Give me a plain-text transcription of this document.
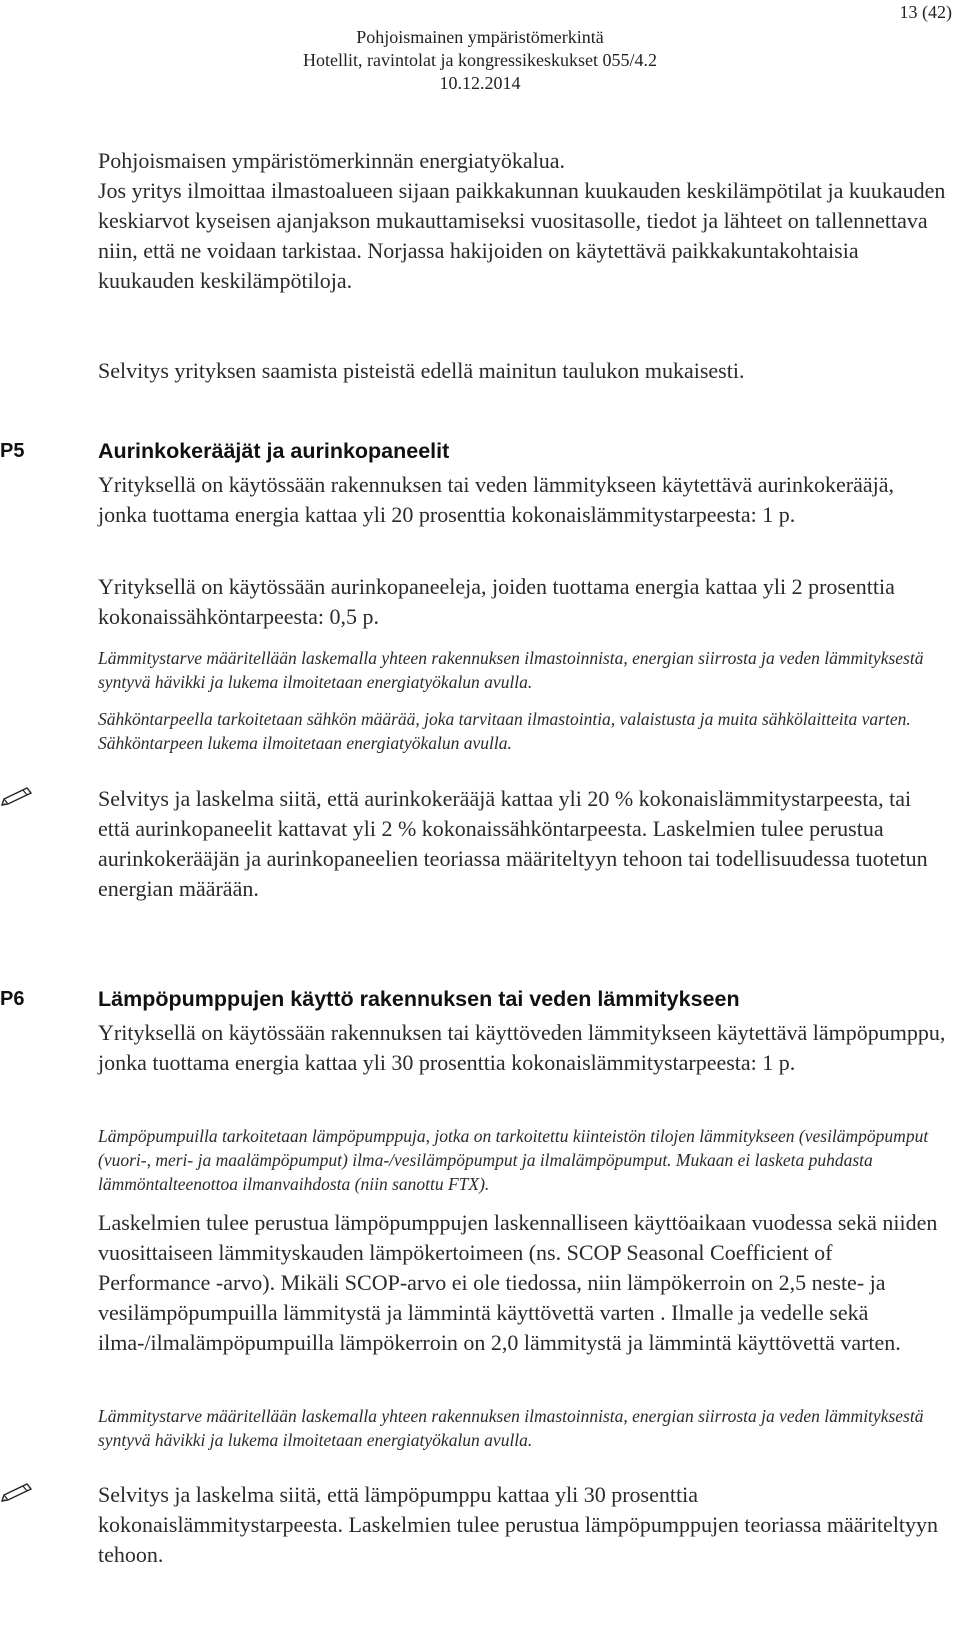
13 (42)
Pohjoismainen ympäristömerkintä
Hotellit, ravintolat ja kongressikeskukset 055/4.2
10.12.2014

Pohjoismaisen ympäristömerkinnän energiatyökalua.

Jos yritys ilmoittaa ilmastoalueen sijaan paikkakunnan kuukauden keskilämpötilat ja kuukauden keskiarvot kyseisen ajanjakson mukauttamiseksi vuositasolle, tiedot ja lähteet on tallennettava niin, että ne voidaan tarkistaa. Norjassa hakijoiden on käytettävä paikkakuntakohtaisia kuukauden keskilämpötiloja.

Selvitys yrityksen saamista pisteistä edellä mainitun taulukon mukaisesti.
P5	Aurinkokerääjät ja aurinkopaneelit
Yrityksellä on käytössään rakennuksen tai veden lämmitykseen käytettävä aurinkokerääjä, jonka tuottama energia kattaa yli 20 prosenttia kokonaislämmitystarpeesta: 1 p.
Yrityksellä on käytössään aurinkopaneeleja, joiden tuottama energia kattaa yli 2 prosenttia kokonaissähköntarpeesta: 0,5 p.
Lämmitystarve määritellään laskemalla yhteen rakennuksen ilmastoinnista, energian siirrosta ja veden lämmityksestä syntyvä hävikki ja lukema ilmoitetaan energiatyökalun avulla.
Sähköntarpeella tarkoitetaan sähkön määrää, joka tarvitaan ilmastointia, valaistusta ja muita sähkölaitteita varten. Sähköntarpeen lukema ilmoitetaan energiatyökalun avulla.
Selvitys ja laskelma siitä, että aurinkokerääjä kattaa yli 20 % kokonaislämmitystarpeesta, tai että aurinkopaneelit kattavat yli 2 % kokonaissähköntarpeesta. Laskelmien tulee perustua aurinkokerääjän ja aurinkopaneelien teoriassa määriteltyyn tehoon tai todellisuudessa tuotetun energian määrään.
P6	Lämpöpumppujen käyttö rakennuksen tai veden lämmitykseen
Yrityksellä on käytössään rakennuksen tai käyttöveden lämmitykseen käytettävä lämpöpumppu, jonka tuottama energia kattaa yli 30 prosenttia kokonaislämmitystarpeesta: 1 p.
Lämpöpumpuilla tarkoitetaan lämpöpumppuja, jotka on tarkoitettu kiinteistön tilojen lämmitykseen (vesilämpöpumput (vuori-, meri- ja maalämpöpumput) ilma-/vesilämpöpumput ja ilmalämpöpumput. Mukaan ei lasketa puhdasta lämmöntalteenottoa ilmanvaihdosta (niin sanottu FTX).
Laskelmien tulee perustua lämpöpumppujen laskennalliseen käyttöaikaan vuodessa sekä niiden vuosittaiseen lämmityskauden lämpökertoimeen (ns. SCOP Seasonal Coefficient of Performance -arvo). Mikäli SCOP-arvo ei ole tiedossa, niin lämpökerroin on 2,5 neste- ja vesilämpöpumpuilla lämmitystä ja lämmintä käyttövettä varten . Ilmalle ja vedelle sekä ilma-/ilmalämpöpumpuilla lämpökerroin on 2,0 lämmitystä ja lämmintä käyttövettä varten.
Lämmitystarve määritellään laskemalla yhteen rakennuksen ilmastoinnista, energian siirrosta ja veden lämmityksestä syntyvä hävikki ja lukema ilmoitetaan energiatyökalun avulla.
Selvitys ja laskelma siitä, että lämpöpumppu kattaa yli 30 prosenttia kokonaislämmitystarpeesta. Laskelmien tulee perustua lämpöpumppujen teoriassa määriteltyyn tehoon.
